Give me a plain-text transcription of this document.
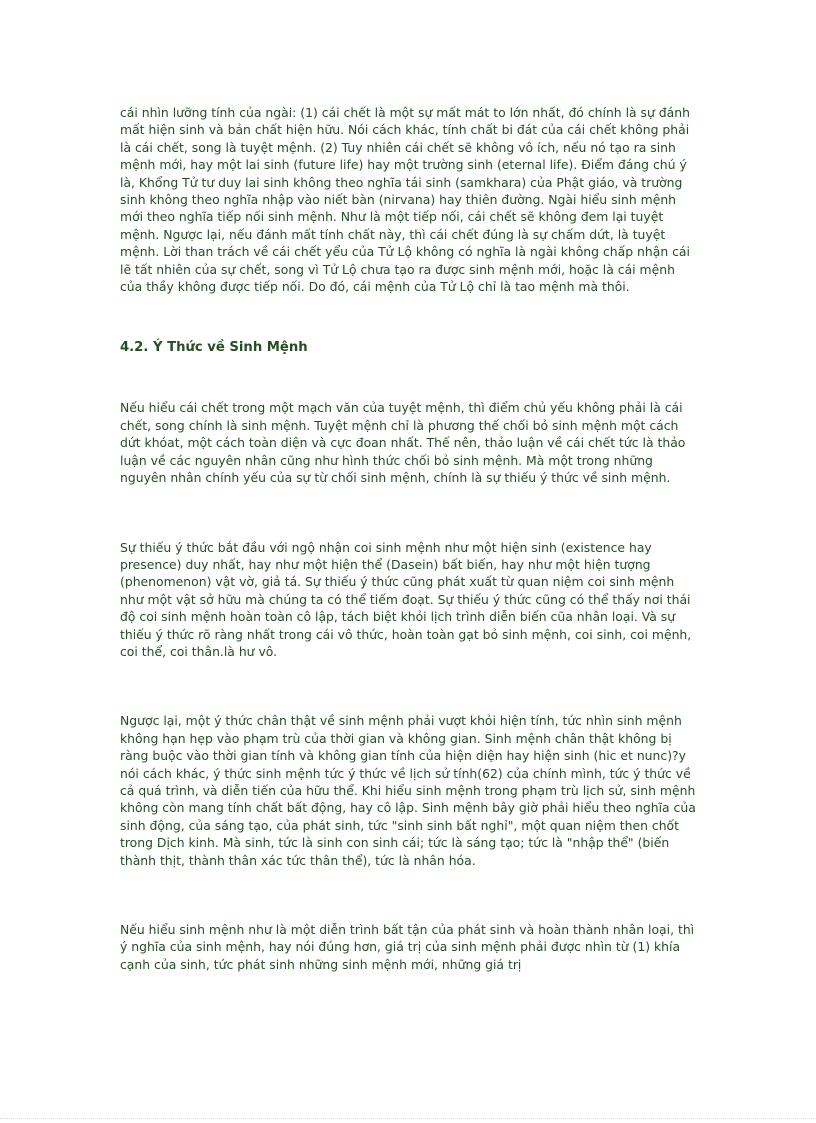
cái nhìn lưỡng tính của ngài: (1) cái chết là một sự mất mát to lớn nhất, đó chính là sự đánh mất hiện sinh và bản chất hiện hữu. Nói cách khác, tính chất bi đát của cái chết không phải là cái chết, song là tuyệt mệnh. (2) Tuy nhiên cái chết sẽ không vô ích, nếu nó tạo ra sinh mệnh mới, hay một lai sinh (future life) hay một trường sinh (eternal life). Điểm đáng chú ý là, Khổng Tử tư duy lai sinh không theo nghĩa tái sinh (samkhara) của Phật giáo, và trường sinh không theo nghĩa nhập vào niết bàn (nirvana) hay thiên đường. Ngài hiểu sinh mệnh mới theo nghĩa tiếp nối sinh mệnh. Như là một tiếp nối, cái chết sẽ không đem lại tuyệt mệnh. Ngược lại, nếu đánh mất tính chất này, thì cái chết đúng là sự chấm dứt, là tuyệt mệnh. Lời than trách về cái chết yểu của Tử Lộ không có nghĩa là ngài không chấp nhận cái lẽ tất nhiên của sự chết, song vì Tử Lộ chưa tạo ra được sinh mệnh mới, hoặc là cái mệnh của thầy không được tiếp nối. Do đó, cái mệnh của Tử Lộ chỉ là tao mệnh mà thôi.

4.2. Ý Thức về Sinh Mệnh

Nếu hiểu cái chết trong một mạch văn của tuyệt mệnh, thì điểm chủ yếu không phải là cái chết, song chính là sinh mệnh. Tuyệt mệnh chỉ là phương thế chối bỏ sinh mệnh một cách dứt khóat, một cách toàn diện và cực đoan nhất. Thế nên, thảo luận về cái chết tức là thảo luận về các nguyên nhân cũng như hình thức chối bỏ sinh mệnh. Mà một trong những nguyên nhân chính yếu của sự từ chối sinh mệnh, chính là sự thiếu ý thức về sinh mệnh.

Sự thiếu ý thức bắt đầu với ngộ nhận coi sinh mệnh như một hiện sinh (existence hay presence) duy nhất, hay như một hiện thể (Dasein) bất biến, hay như một hiện tượng (phenomenon) vật vờ, giả tá. Sự thiếu ý thức cũng phát xuất từ quan niệm coi sinh mệnh như một vật sở hữu mà chúng ta có thể tiếm đoạt. Sự thiếu ý thức cũng có thể thấy nơi thái độ coi sinh mệnh hoàn toàn cô lập, tách biệt khỏi lịch trình diễn biến cũa nhân loại. Và sự thiếu ý thức rõ ràng nhất trong cái vô thức, hoàn toàn gạt bỏ sinh mệnh, coi sinh, coi mệnh, coi thể, coi thân.là hư vô.

Ngược lại, một ý thức chân thật về sinh mệnh phải vượt khỏi hiện tính, tức nhìn sinh mệnh không hạn hẹp vào phạm trù của thời gian và không gian. Sinh mệnh chân thật không bị ràng buộc vào thời gian tính và không gian tính của hiện diện hay hiện sinh (hic et nunc)?y nói cách khác, ý thức sinh mệnh tức ý thức về lịch sử tính(62) của chính mình, tức ý thức về cả quá trình, và diễn tiến của hữu thể. Khi hiểu sinh mệnh trong phạm trù lịch sử, sinh mệnh không còn mang tính chất bất động, hay cô lập. Sinh mệnh bây giờ phải hiểu theo nghĩa của sinh động, của sáng tạo, của phát sinh, tức "sinh sinh bất nghỉ", một quan niệm then chốt trong Dịch kinh. Mà sinh, tức là sinh con sinh cái; tức là sáng tạo; tức là "nhập thể" (biến thành thịt, thành thân xác tức thân thể), tức là nhân hóa.

Nếu hiểu sinh mệnh như là một diễn trình bất tận của phát sinh và hoàn thành nhân loại, thì ý nghĩa của sinh mệnh, hay nói đúng hơn, giá trị của sinh mệnh phải được nhìn từ (1) khía cạnh của sinh, tức phát sinh những sinh mệnh mới, những giá trị
